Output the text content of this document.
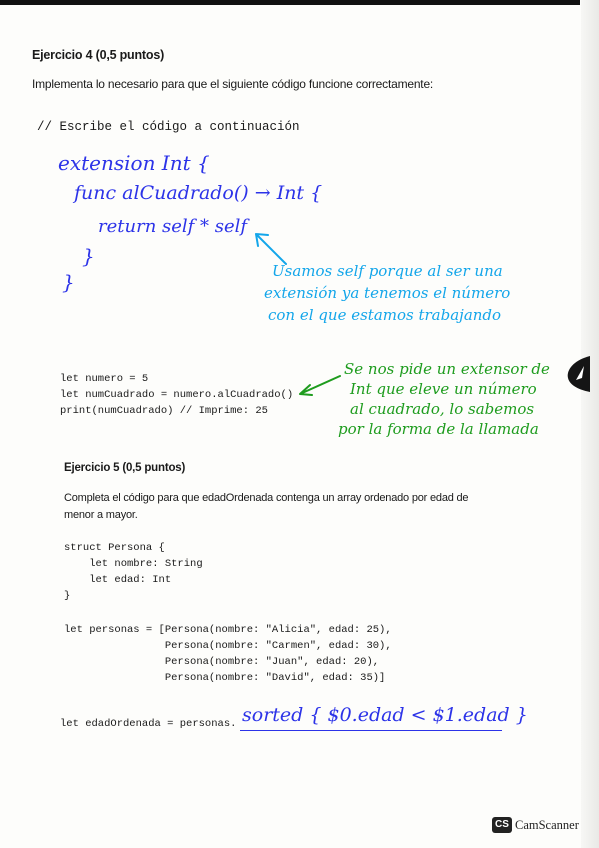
Ejercicio 4 (0,5 puntos)
Implementa lo necesario para que el siguiente código funcione correctamente:
// Escribe el código a continuación
extension Int {
func alCuadrado() → Int {
return self * self
}
}	Usamos self porque al ser una
extensión ya tenemos el número
con el que estamos trabajando
let numero = 5
let numCuadrado = numero.alCuadrado()
print(numCuadrado) // Imprime: 25
Se nos pide un extensor de
Int que eleve un número
al cuadrado, lo sabemos
por la forma de la llamada
Ejercicio 5 (0,5 puntos)
Completa el código para que edadOrdenada contenga un array ordenado por edad de
menor a mayor.
struct Persona {
let nombre: String
let edad: Int
}
let personas = [Persona(nombre: "Alicia", edad: 25),
Persona(nombre: "Carmen", edad: 30),
Persona(nombre: "Juan", edad: 20),
Persona(nombre: "David", edad: 35)]
let edadOrdenada = personas. sorted { $0.edad < $1.edad }
CS CamScanner
